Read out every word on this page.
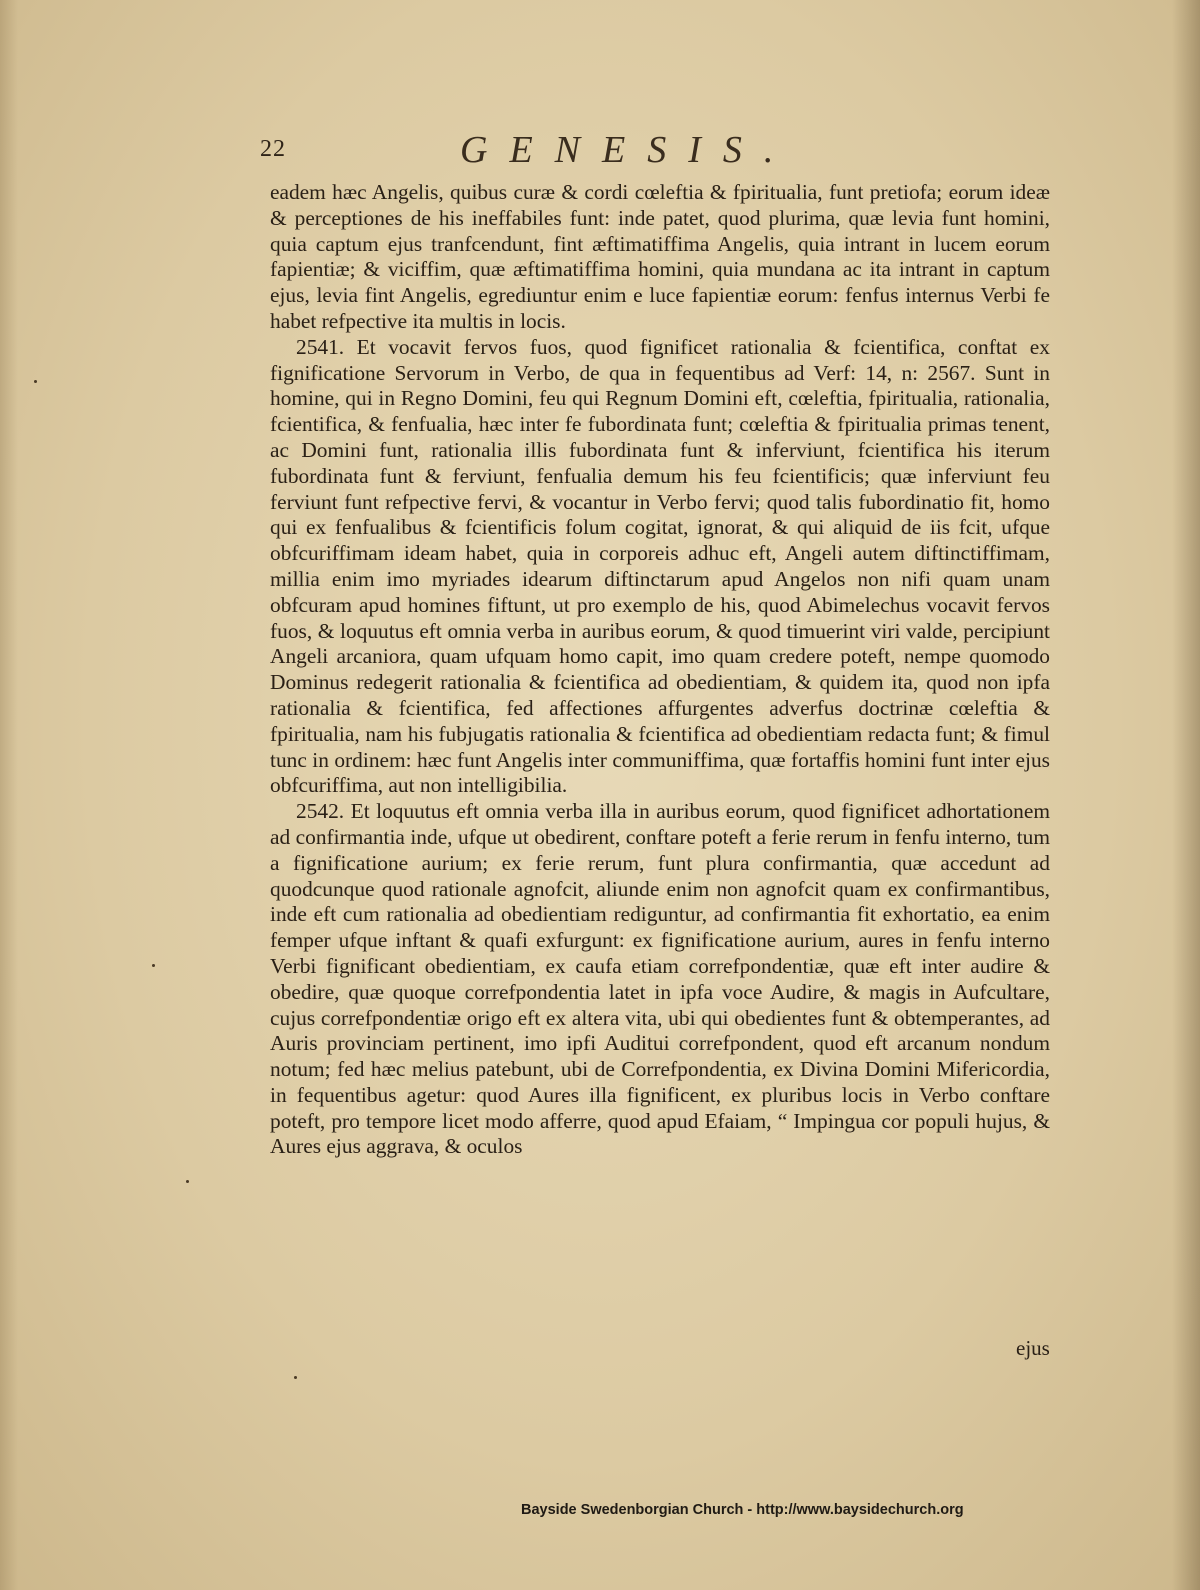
22	GENESIS.

eadem hæc Angelis, quibus curæ & cordi cœleftia & fpiritualia, funt pretiofa; eorum ideæ & perceptiones de his ineffabiles funt: inde patet, quod plurima, quæ levia funt homini, quia captum ejus tranfcendunt, fint æftimatiffima Angelis, quia intrant in lucem eorum fapientiæ; & viciffim, quæ æftimatiffima homini, quia mundana ac ita intrant in captum ejus, levia fint Angelis, egrediuntur enim e luce fapientiæ eorum: fenfus internus Verbi fe habet refpective ita multis in locis.

2541. Et vocavit fervos fuos, quod fignificet rationalia & fcientifica, conftat ex fignificatione Servorum in Verbo, de qua in fequentibus ad Verf: 14, n: 2567. Sunt in homine, qui in Regno Domini, feu qui Regnum Domini eft, cœleftia, fpiritualia, rationalia, fcientifica, & fenfualia, hæc inter fe fubordinata funt; cœleftia & fpiritualia primas tenent, ac Domini funt, rationalia illis fubordinata funt & inferviunt, fcientifica his iterum fubordinata funt & ferviunt, fenfualia demum his feu fcientificis; quæ inferviunt feu ferviunt funt refpective fervi, & vocantur in Verbo fervi; quod talis fubordinatio fit, homo qui ex fenfualibus & fcientificis folum cogitat, ignorat, & qui aliquid de iis fcit, ufque obfcuriffimam ideam habet, quia in corporeis adhuc eft, Angeli autem diftinctiffimam, millia enim imo myriades idearum diftinctarum apud Angelos non nifi quam unam obfcuram apud homines fiftunt, ut pro exemplo de his, quod Abimelechus vocavit fervos fuos, & loquutus eft omnia verba in auribus eorum, & quod timuerint viri valde, percipiunt Angeli arcaniora, quam ufquam homo capit, imo quam credere poteft, nempe quomodo Dominus redegerit rationalia & fcientifica ad obedientiam, & quidem ita, quod non ipfa rationalia & fcientifica, fed affectiones affurgentes adverfus doctrinæ cœleftia & fpiritualia, nam his fubjugatis rationalia & fcientifica ad obedientiam redacta funt; & fimul tunc in ordinem: hæc funt Angelis inter communiffima, quæ fortaffis homini funt inter ejus obfcuriffima, aut non intelligibilia.

2542. Et loquutus eft omnia verba illa in auribus eorum, quod fignificet adhortationem ad confirmantia inde, ufque ut obedirent, conftare poteft a ferie rerum in fenfu interno, tum a fignificatione aurium; ex ferie rerum, funt plura confirmantia, quæ accedunt ad quodcunque quod rationale agnofcit, aliunde enim non agnofcit quam ex confirmantibus, inde eft cum rationalia ad obedientiam rediguntur, ad confirmantia fit exhortatio, ea enim femper ufque inftant & quafi exfurgunt: ex fignificatione aurium, aures in fenfu interno Verbi fignificant obedientiam, ex caufa etiam correfpondentiæ, quæ eft inter audire & obedire, quæ quoque correfpondentia latet in ipfa voce Audire, & magis in Aufcultare, cujus correfpondentiæ origo eft ex altera vita, ubi qui obedientes funt & obtemperantes, ad Auris provinciam pertinent, imo ipfi Auditui correfpondent, quod eft arcanum nondum notum; fed hæc melius patebunt, ubi de Correfpondentia, ex Divina Domini Mifericordia, in fequentibus agetur: quod Aures illa fignificent, ex pluribus locis in Verbo conftare poteft, pro tempore licet modo afferre, quod apud Efaiam, “ Impingua cor populi hujus, & Aures ejus aggrava, & oculos

ejus
Bayside Swedenborgian Church - http://www.baysidechurch.org
